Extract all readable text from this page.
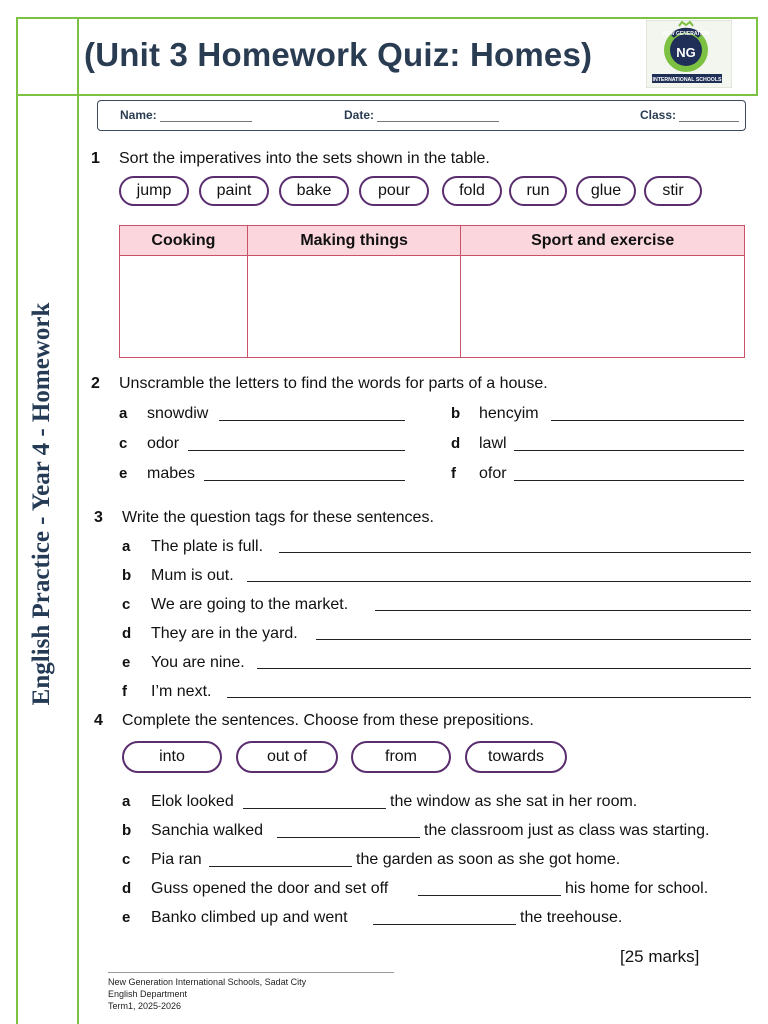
(Unit 3 Homework Quiz: Homes)
NEW GENERATION
NG
INTERNATIONAL SCHOOLS
English Practice - Year 4 - Homework
Name:	Date:	Class:
1 Sort the imperatives into the sets shown in the table.
jump	paint	bake	pour	fold	run	glue	stir
Cooking	Making things	Sport and exercise

2 Unscramble the letters to find the words for parts of a house.
a snowdiw	b hencyim
c odor	d lawl
e mabes	f ofor
3 Write the question tags for these sentences.
a The plate is full.
b Mum is out.
c We are going to the market.
d They are in the yard.
e You are nine.
f I’m next.
4 Complete the sentences. Choose from these prepositions.
into	out of	from	towards
a Elok looked	the window as she sat in her room.
b Sanchia walked	the classroom just as class was starting.
c Pia ran	the garden as soon as she got home.
d Guss opened the door and set off	his home for school.
e Banko climbed up and went	the treehouse.
[25 marks]
New Generation International Schools, Sadat City
English Department
Term1, 2025-2026
